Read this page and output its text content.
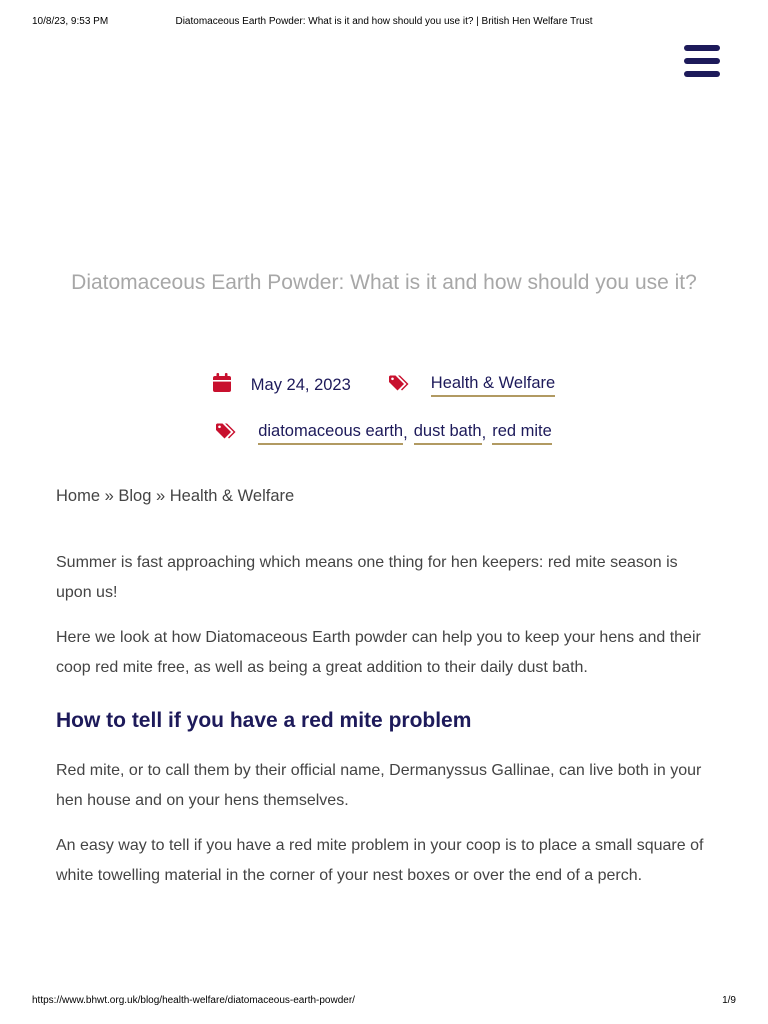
10/8/23, 9:53 PM	Diatomaceous Earth Powder: What is it and how should you use it? | British Hen Welfare Trust
Diatomaceous Earth Powder: What is it and how should you use it?
May 24, 2023	Health & Welfare
diatomaceous earth , dust bath , red mite
Home » Blog » Health & Welfare

Summer is fast approaching which means one thing for hen keepers: red mite season is upon us!

Here we look at how Diatomaceous Earth powder can help you to keep your hens and their coop red mite free, as well as being a great addition to their daily dust bath.

How to tell if you have a red mite problem

Red mite, or to call them by their official name, Dermanyssus Gallinae, can live both in your hen house and on your hens themselves.

An easy way to tell if you have a red mite problem in your coop is to place a small square of white towelling material in the corner of your nest boxes or over the end of a perch.

https://www.bhwt.org.uk/blog/health-welfare/diatomaceous-earth-powder/	1/9
